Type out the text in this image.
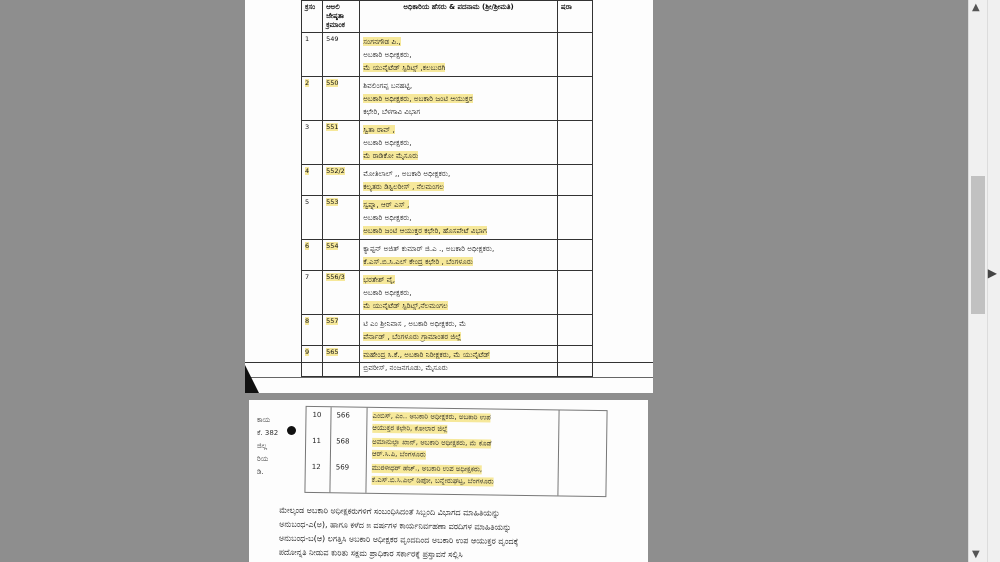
ಕ್ರಸಂ	ಆಅಲಿ ಜೇಷ್ಠತಾ ಕ್ರಮಾಂಕ	ಅಧಿಕಾರಿಯ ಹೆಸರು & ಪದನಾಮ (ಶ್ರೀ/ಶ್ರೀಮತಿ)	ಷರಾ
1	549	ಸಂಗನಗೌಡ ಪಿ.,
ಅಬಕಾರಿ ಅಧೀಕ್ಷಕರು,
ಮೆ ಯುನೈಟೆಡ್ ಸ್ಪಿರಿಟ್ಸ್ ,ಕಲಬುರಗಿ	

2	550	ಶಿವಲಿಂಗಪ್ಪ ಬನಹಟ್ಟಿ,
ಅಬಕಾರಿ ಅಧೀಕ್ಷಕರು, ಅಬಕಾರಿ ಜಂಟಿ ಆಯುಕ್ತರ
ಕಛೇರಿ, ಬೆಳಗಾವಿ ವಿಭಾಗ	

3	551	ಸ್ವಿತಾ ರಾವ್ ,
ಅಬಕಾರಿ ಅಧೀಕ್ಷಕರು,
ಮೆ ರಾಡಿಕೋ ಮೈಸೂರು	

4	552/2	ಮೋತಿಲಾಲ್ ,, ಅಬಕಾರಿ ಅಧೀಕ್ಷಕರು,
ಕಲ್ಯತರು ಡಿಸ್ಟಿಲರೀಸ್ , ನೆಲಮಂಗಲ	

5	553	ಸ್ವಪ್ನಾ, ಆರ್ ಎಸ್ ,
ಅಬಕಾರಿ ಅಧೀಕ್ಷಕರು,
ಅಬಕಾರಿ ಜಂಟಿ ಆಯುಕ್ತರ ಕಛೇರಿ, ಹೊಸಪೇಟೆ ವಿಭಾಗ	

6	554	ಕ್ಯಾಪ್ಟನ್ ಅಜಿತ್ ಕುಮಾರ್ ಜಿ.ಎ ., ಅಬಕಾರಿ ಅಧೀಕ್ಷಕರು,
ಕೆ.ಎಸ್.ಬಿ.ಸಿ.ಎಲ್ ಕೇಂದ್ರ ಕಛೇರಿ , ಬೆಂಗಳೂರು	

7	556/3	ಭರತೇಶ್ ವೈ,
ಅಬಕಾರಿ ಅಧೀಕ್ಷಕರು,
ಮೆ ಯುನೈಟೆಡ್ ಸ್ಪಿರಿಟ್ಸ್,ನೆಲಮಂಗಲ	

8	557	ಟಿ ಎಂ ಶ್ರೀನಿವಾಸ , ಅಬಕಾರಿ ಅಧೀಕ್ಷಕರು, ಮೆ
ಪೆರ್ನಾಡ್ , ಬೆಂಗಳೂರು ಗ್ರಾಮಾಂತರ ಜಿಲ್ಲೆ	

9	565	ಮಹೇಂದ್ರ ಸಿ.ಕೆ., ಅಬಕಾರಿ ನಿರೀಕ್ಷಕರು, ಮೆ ಯುನೈಟೆಡ್
ಬ್ರಿವರೀಸ್, ನಂಜನಗೂಡು, ಮೈಸೂರು	

ಕಾಯ
ಕೆ. 382
ಜಿಲ್ಲ
ರಿಯ
ಡಿ.
10 566	ಎಂಬಿಸ್, ಎಂ.. ಅಬಕಾರಿ ಅಧೀಕ್ಷಕರು, ಅಬಕಾರಿ ಉಪ
ಆಯುಕ್ತರ ಕಛೇರಿ, ಕೋಲಾರ ಜಿಲ್ಲೆ
11 568	ಅಮಾನುಲ್ಲಾ ಖಾನ್, ಅಬಕಾರಿ ಅಧೀಕ್ಷಕರು, ಮೆ ಕೊಡೆ
ಆರ್.ಸಿ.ಪಿ, ಬೆಂಗಳೂರು
12 569	ಮುರಳೀಧರ್ ಹೆಚ್., ಅಬಕಾರಿ ಉಪ ಅಧೀಕ್ಷಕರು,
ಕೆ.ಎಸ್.ಬಿ.ಸಿ.ಎಲ್ ಡಿಪೋ, ಬನ್ನೇರುಘಟ್ಟ, ಬೆಂಗಳೂರು
ಮೇಲ್ಕಂಡ ಅಬಕಾರಿ ಅಧೀಕ್ಷಕರುಗಳಿಗೆ ಸಂಬಂಧಿಸಿದಂತೆ ಸಿಬ್ಬಂದಿ ವಿಭಾಗದ ಮಾಹಿತಿಯನ್ನು
ಅನುಬಂಧ-ಎ(ಅ), ಹಾಗೂ ಕಳೆದ ೫ ವರ್ಷಗಳ ಕಾರ್ಯನಿರ್ವಹಣಾ ವರದಿಗಳ ಮಾಹಿತಿಯನ್ನು
ಅನುಬಂಧ-ಬ(ಆ) ಲಗತ್ತಿಸಿ ಅಬಕಾರಿ ಅಧೀಕ್ಷಕರ ವೃಂದದಿಂದ ಅಬಕಾರಿ ಉಪ ಆಯುಕ್ತರ ವೃಂದಕ್ಕೆ
ಪದೋನ್ನತಿ ನೀಡುವ ಕುರಿತು ಸಕ್ಷಮ ಪ್ರಾಧಿಕಾರ ಸರ್ಕಾರಕ್ಕೆ ಪ್ರಸ್ತಾವನೆ ಸಲ್ಲಿಸಿ
▲
▼
▶
